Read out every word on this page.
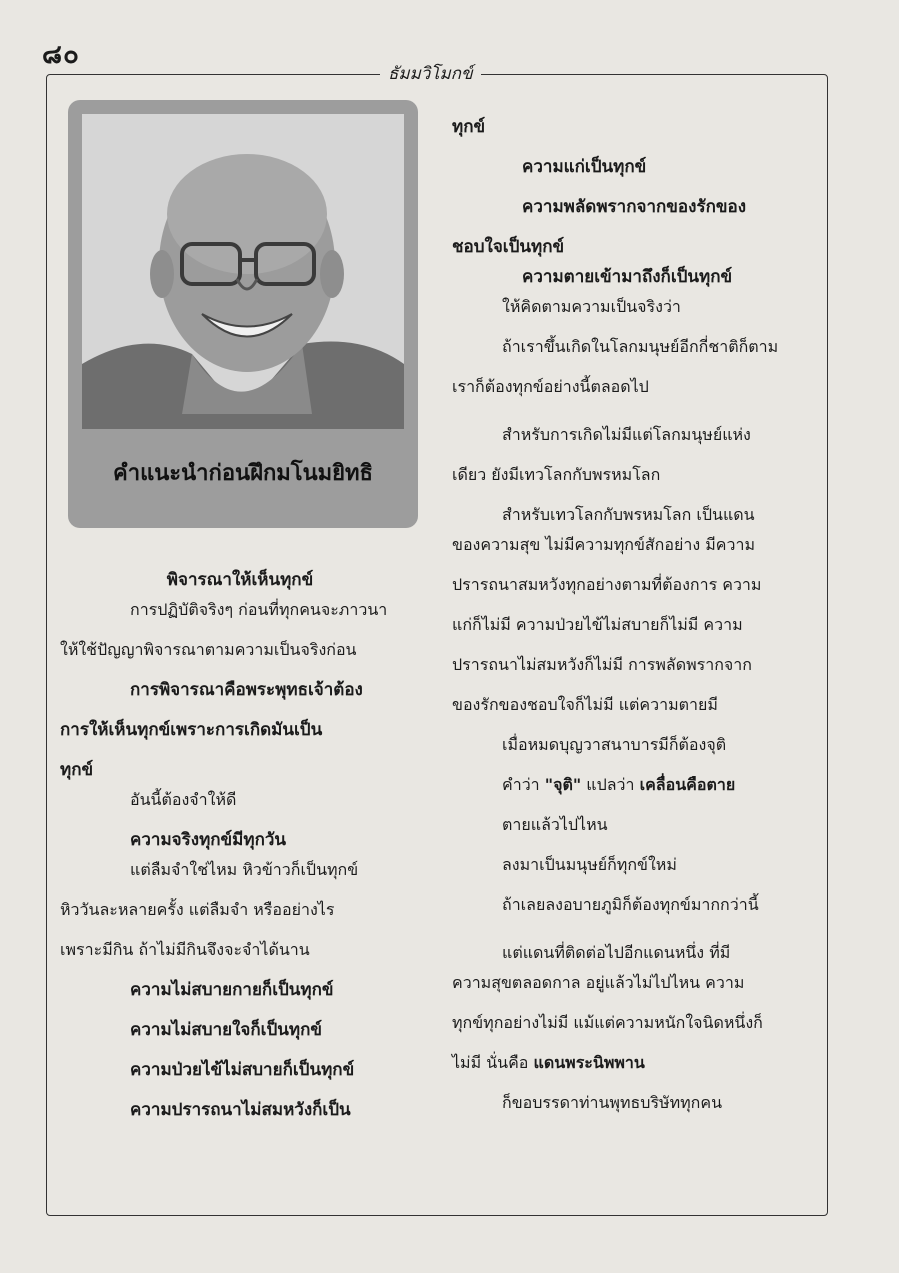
๘๐
ธัมมวิโมกข์
คำแนะนำก่อนฝึกมโนมยิทธิ

พิจารณาให้เห็นทุกข์

การปฏิบัติจริงๆ ก่อนที่ทุกคนจะภาวนา

ให้ใช้ปัญญาพิจารณาตามความเป็นจริงก่อน

การพิจารณาคือพระพุทธเจ้าต้อง

การให้เห็นทุกข์เพราะการเกิดมันเป็น

ทุกข์

อันนี้ต้องจำให้ดี

ความจริงทุกข์มีทุกวัน

แต่ลืมจำใช่ไหม หิวข้าวก็เป็นทุกข์

หิววันละหลายครั้ง แต่ลืมจำ หรืออย่างไร

เพราะมีกิน ถ้าไม่มีกินจึงจะจำได้นาน

ความไม่สบายกายก็เป็นทุกข์

ความไม่สบายใจก็เป็นทุกข์

ความป่วยไข้ไม่สบายก็เป็นทุกข์

ความปรารถนาไม่สมหวังก็เป็น

ทุกข์

ความแก่เป็นทุกข์

ความพลัดพรากจากของรักของ

ชอบใจเป็นทุกข์

ความตายเข้ามาถึงก็เป็นทุกข์

ให้คิดตามความเป็นจริงว่า

ถ้าเราขึ้นเกิดในโลกมนุษย์อีกกี่ชาติก็ตาม

เราก็ต้องทุกข์อย่างนี้ตลอดไป

สำหรับการเกิดไม่มีแต่โลกมนุษย์แห่ง

เดียว ยังมีเทวโลกกับพรหมโลก

สำหรับเทวโลกกับพรหมโลก เป็นแดน

ของความสุข ไม่มีความทุกข์สักอย่าง มีความ

ปรารถนาสมหวังทุกอย่างตามที่ต้องการ ความ

แก่ก็ไม่มี ความป่วยไข้ไม่สบายก็ไม่มี ความ

ปรารถนาไม่สมหวังก็ไม่มี การพลัดพรากจาก

ของรักของชอบใจก็ไม่มี แต่ความตายมี

เมื่อหมดบุญวาสนาบารมีก็ต้องจุติ

คำว่า "จุติ" แปลว่า เคลื่อนคือตาย

ตายแล้วไปไหน

ลงมาเป็นมนุษย์ก็ทุกข์ใหม่

ถ้าเลยลงอบายภูมิก็ต้องทุกข์มากกว่านี้

แต่แดนที่ติดต่อไปอีกแดนหนึ่ง ที่มี

ความสุขตลอดกาล อยู่แล้วไม่ไปไหน ความ

ทุกข์ทุกอย่างไม่มี แม้แต่ความหนักใจนิดหนึ่งก็

ไม่มี นั่นคือ แดนพระนิพพาน

ก็ขอบรรดาท่านพุทธบริษัททุกคน
